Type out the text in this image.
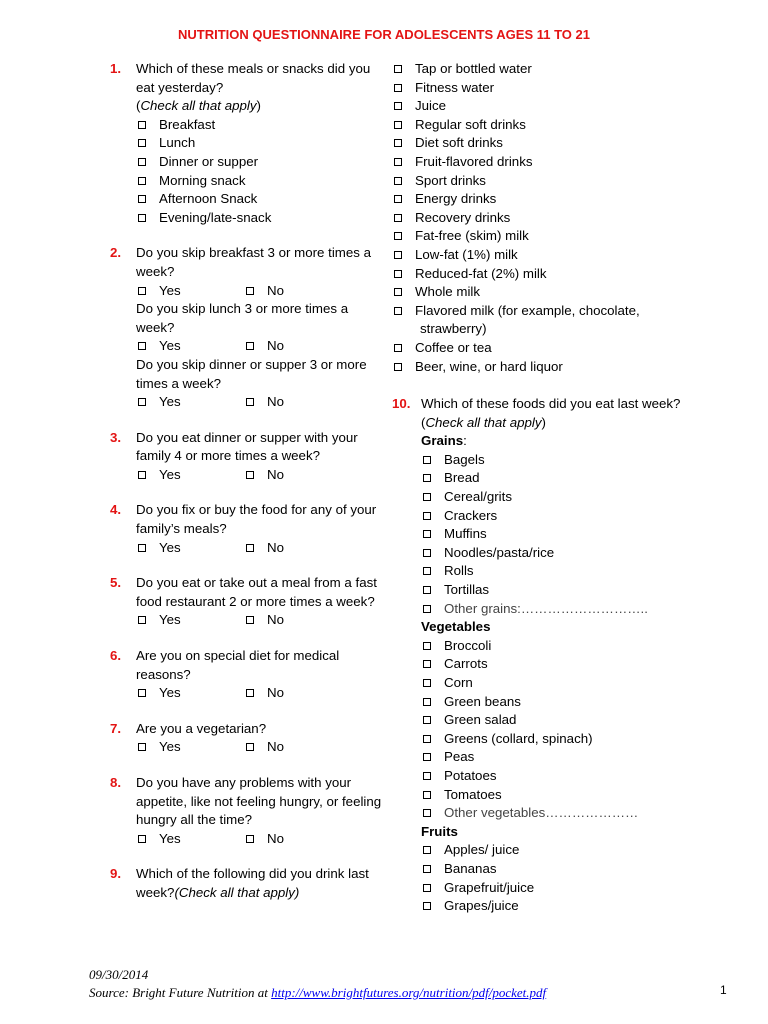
NUTRITION QUESTIONNAIRE FOR ADOLESCENTS AGES 11 TO 21
1. Which of these meals or snacks did you eat yesterday?
(Check all that apply)
Breakfast
Lunch
Dinner or supper
Morning snack
Afternoon Snack
Evening/late-snack
2. Do you skip breakfast 3 or more times a week?
Yes	No
Do you skip lunch 3 or more times a week?
Yes	No
Do you skip dinner or supper 3 or more times a week?
Yes	No
3. Do you eat dinner or supper with your family 4 or more times a week?
Yes	No
4. Do you fix or buy the food for any of your family’s meals?
Yes	No
5. Do you eat or take out a meal from a fast food restaurant 2 or more times a week?
Yes	No
6. Are you on special diet for medical reasons?
Yes	No
7. Are you a vegetarian?
Yes	No
8. Do you have any problems with your appetite, like not feeling hungry, or feeling hungry all the time?
Yes	No
9. Which of the following did you drink last week?(Check all that apply)
Tap or bottled water
Fitness water
Juice
Regular soft drinks
Diet soft drinks
Fruit-flavored drinks
Sport drinks
Energy drinks
Recovery drinks
Fat-free (skim) milk
Low-fat (1%) milk
Reduced-fat (2%) milk
Whole milk
Flavored milk (for example, chocolate,
strawberry)
Coffee or tea
Beer, wine, or hard liquor
10. Which of these foods did you eat last week?
(Check all that apply)
Grains:
Bagels
Bread
Cereal/grits
Crackers
Muffins
Noodles/pasta/rice
Rolls
Tortillas
Other grains:………………………..
Vegetables
Broccoli
Carrots
Corn
Green beans
Green salad
Greens (collard, spinach)
Peas
Potatoes
Tomatoes
Other vegetables…………………
Fruits
Apples/ juice
Bananas
Grapefruit/juice
Grapes/juice
09/30/2014
Source: Bright Future Nutrition at http://www.brightfutures.org/nutrition/pdf/pocket.pdf	1
